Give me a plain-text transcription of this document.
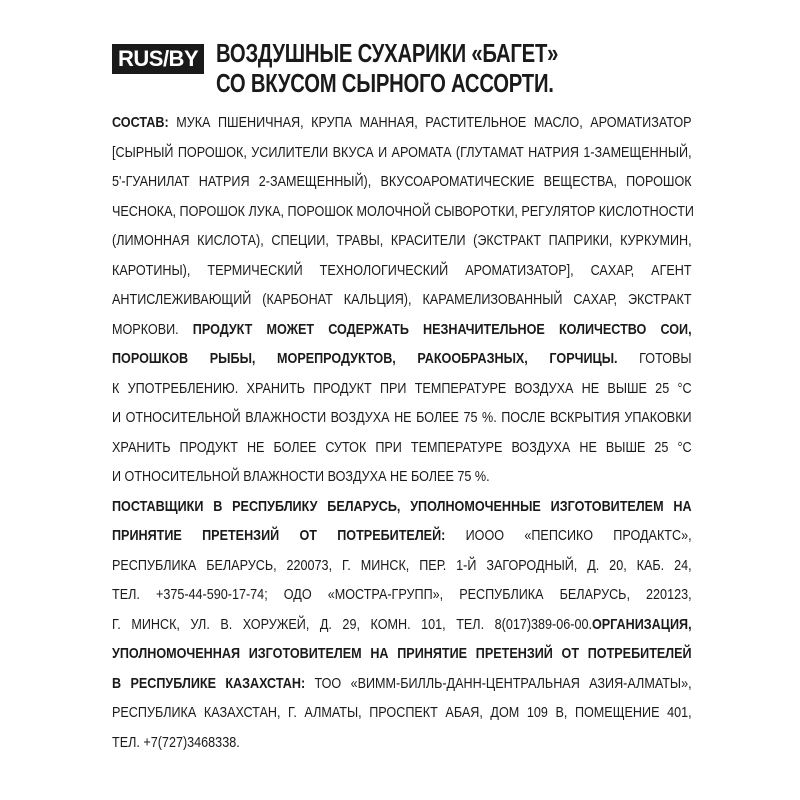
RUS/BY ВОЗДУШНЫЕ СУХАРИКИ «БАГЕТ»
СО ВКУСОМ СЫРНОГО АССОРТИ.
СОСТАВ: МУКА ПШЕНИЧНАЯ, КРУПА МАННАЯ, РАСТИТЕЛЬНОЕ МАСЛО, АРОМАТИЗАТОР
[СЫРНЫЙ ПОРОШОК, УСИЛИТЕЛИ ВКУСА И АРОМАТА (ГЛУТАМАТ НАТРИЯ 1-ЗАМЕЩЕННЫЙ,
5'-ГУАНИЛАТ НАТРИЯ 2-ЗАМЕЩЕННЫЙ), ВКУСОАРОМАТИЧЕСКИЕ ВЕЩЕСТВА, ПОРОШОК
ЧЕСНОКА, ПОРОШОК ЛУКА, ПОРОШОК МОЛОЧНОЙ СЫВОРОТКИ, РЕГУЛЯТОР КИСЛОТНОСТИ
(ЛИМОННАЯ КИСЛОТА), СПЕЦИИ, ТРАВЫ, КРАСИТЕЛИ (ЭКСТРАКТ ПАПРИКИ, КУРКУМИН,
КАРОТИНЫ), ТЕРМИЧЕСКИЙ ТЕХНОЛОГИЧЕСКИЙ АРОМАТИЗАТОР], САХАР, АГЕНТ
АНТИСЛЕЖИВАЮЩИЙ (КАРБОНАТ КАЛЬЦИЯ), КАРАМЕЛИЗОВАННЫЙ САХАР, ЭКСТРАКТ
МОРКОВИ. ПРОДУКТ МОЖЕТ СОДЕРЖАТЬ НЕЗНАЧИТЕЛЬНОЕ КОЛИЧЕСТВО СОИ,
ПОРОШКОВ РЫБЫ, МОРЕПРОДУКТОВ, РАКООБРАЗНЫХ, ГОРЧИЦЫ. ГОТОВЫ
К УПОТРЕБЛЕНИЮ. ХРАНИТЬ ПРОДУКТ ПРИ ТЕМПЕРАТУРЕ ВОЗДУХА НЕ ВЫШЕ 25 °С
И ОТНОСИТЕЛЬНОЙ ВЛАЖНОСТИ ВОЗДУХА НЕ БОЛЕЕ 75 %. ПОСЛЕ ВСКРЫТИЯ УПАКОВКИ
ХРАНИТЬ ПРОДУКТ НЕ БОЛЕЕ СУТОК ПРИ ТЕМПЕРАТУРЕ ВОЗДУХА НЕ ВЫШЕ 25 °С
И ОТНОСИТЕЛЬНОЙ ВЛАЖНОСТИ ВОЗДУХА НЕ БОЛЕЕ 75 %.
ПОСТАВЩИКИ В РЕСПУБЛИКУ БЕЛАРУСЬ, УПОЛНОМОЧЕННЫЕ ИЗГОТОВИТЕЛЕМ НА
ПРИНЯТИЕ ПРЕТЕНЗИЙ ОТ ПОТРЕБИТЕЛЕЙ: ИООО «ПЕПСИКО ПРОДАКТС»,
РЕСПУБЛИКА БЕЛАРУСЬ, 220073, Г. МИНСК, ПЕР. 1-Й ЗАГОРОДНЫЙ, Д. 20, КАБ. 24,
ТЕЛ. +375-44-590-17-74; ОДО «МОСТРА-ГРУПП», РЕСПУБЛИКА БЕЛАРУСЬ, 220123,
Г. МИНСК, УЛ. В. ХОРУЖЕЙ, Д. 29, КОМН. 101, ТЕЛ. 8(017)389-06-00.ОРГАНИЗАЦИЯ,
УПОЛНОМОЧЕННАЯ ИЗГОТОВИТЕЛЕМ НА ПРИНЯТИЕ ПРЕТЕНЗИЙ ОТ ПОТРЕБИТЕЛЕЙ
В РЕСПУБЛИКЕ КАЗАХСТАН: ТОО «ВИММ-БИЛЛЬ-ДАНН-ЦЕНТРАЛЬНАЯ АЗИЯ-АЛМАТЫ»,
РЕСПУБЛИКА КАЗАХСТАН, Г. АЛМАТЫ, ПРОСПЕКТ АБАЯ, ДОМ 109 В, ПОМЕЩЕНИЕ 401,
ТЕЛ. +7(727)3468338.
